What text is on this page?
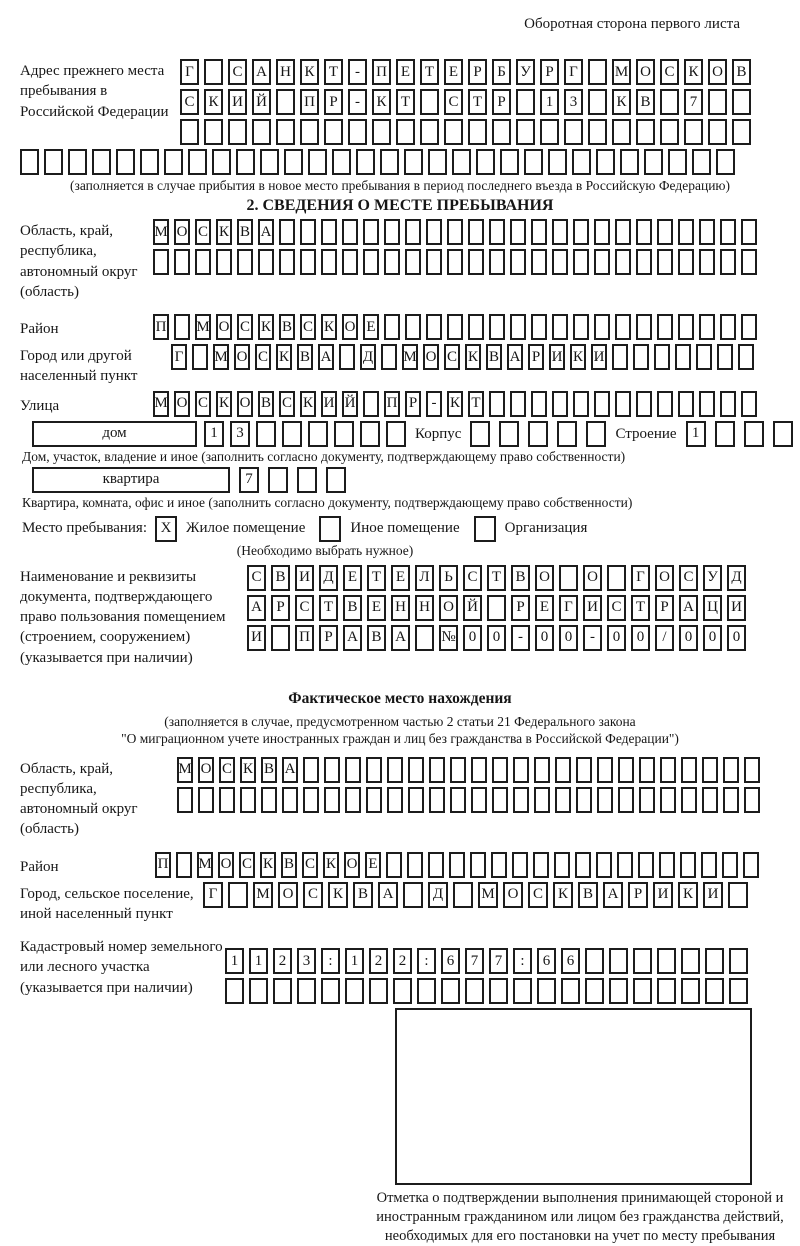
Оборотная сторона первого листа
Адрес прежнего места пребывания в Российской Федерации
Г	С А Н К Т	-	П Е Т Е	Р	Б У Р	Г	М О С К О В
С К И Й П Р	-	К Т	С Т	Р	1	3	К В	7
(заполняется в случае прибытия в новое место пребывания в период последнего въезда в Российскую Федерацию)
2. СВЕДЕНИЯ О МЕСТЕ ПРЕБЫВАНИЯ
Область, край, республика, автономный округ (область)
М О С К В А
Район	П М О С К В С К О Е
Город или другой населенный пункт
Г М О С К В А Д М О С К В А Р И К И
Улица	М О С К О В С К И Й П Р - К Т
дом	1	3	Корпус	Строение	1
Дом, участок, владение и иное (заполнить согласно документу, подтверждающему право собственности)
квартира	7
Квартира, комната, офис и иное (заполнить согласно документу, подтверждающему право собственности)
Место пребывания: X Жилое помещение	Иное помещение	Организация
(Необходимо выбрать нужное)
Наименование и реквизиты документа, подтверждающего право пользования помещением (строением, сооружением) (указывается при наличии)
С В И Д Е Т Е Л Ь С Т В О О	Г О С У Д
А Р С Т В Е Н Н О Й	Р	Е	Г И С Т	Р А Ц И
И П Р А В А № 0	0	-	0	0	-	0	0	/	0	0	0
Фактическое место нахождения
(заполняется в случае, предусмотренном частью 2 статьи 21 Федерального закона
"О миграционном учете иностранных граждан и лиц без гражданства в Российской Федерации")
Область, край, республика, автономный округ (область)
М О С К В А
Район	П М О С К В С К О Е
Город, сельское поселение, иной населенный пункт
Г	М О С К В А	Д	М О С К В А	Р	И К И
Кадастровый номер земельного или лесного участка (указывается при наличии)
1	1	2	3	:	1	2	2	:	6	7	7	:	6	6
Отметка о подтверждении выполнения принимающей стороной и иностранным гражданином или лицом без гражданства действий, необходимых для его постановки на учет по месту пребывания
